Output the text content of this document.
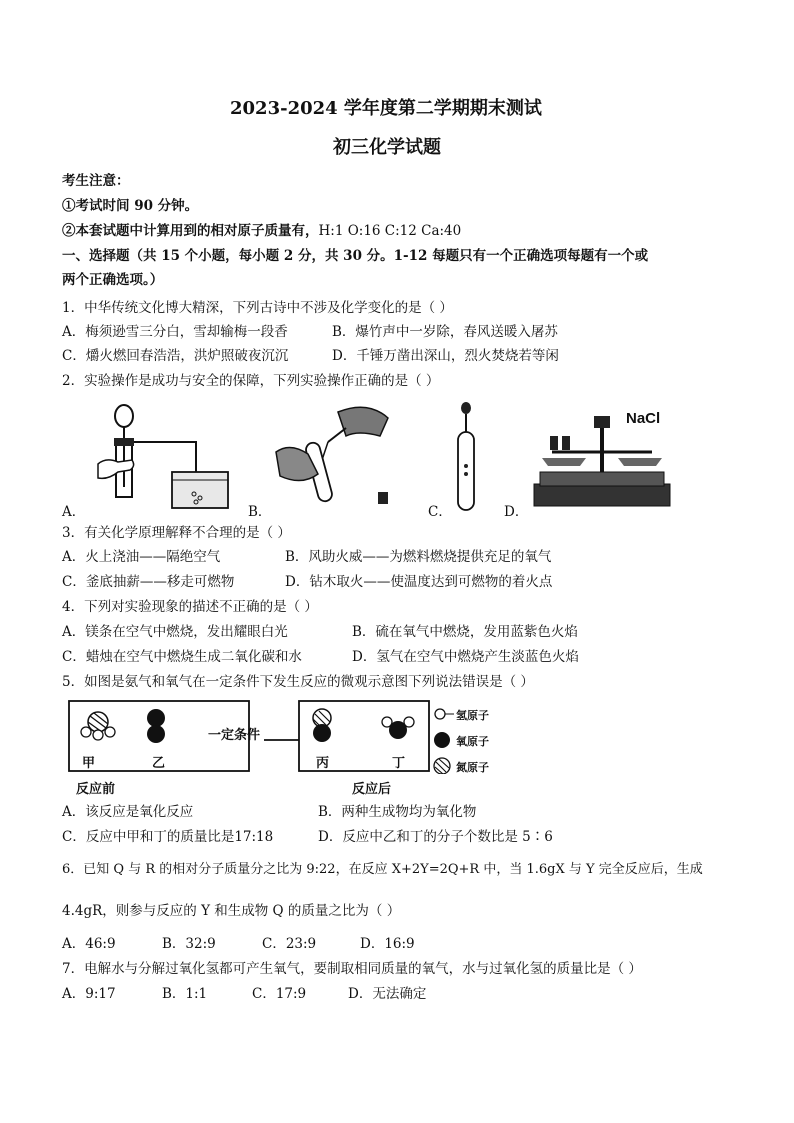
2023-2024 学年度第二学期期末测试
初三化学试题
考生注意：
①考试时间 90 分钟。
②本套试题中计算用到的相对原子质量有，H:1 O:16 C:12 Ca:40
一、选择题（共 15 个小题，每小题 2 分，共 30 分。1-12 每题只有一个正确选项每题有一个或
两个正确选项。）
1．中华传统文化博大精深，下列古诗中不涉及化学变化的是（ ）
A．梅须逊雪三分白，雪却输梅一段香	B．爆竹声中一岁除，春风送暖入屠苏
C．爝火燃回春浩浩，洪炉照破夜沉沉	D．千锤万凿出深山，烈火焚烧若等闲
2．实验操作是成功与安全的保障，下列实验操作正确的是（ ）
A．	B．	C．
NaCl
D．
3．有关化学原理解释不合理的是（ ）
A．火上浇油——隔绝空气	B．风助火威——为燃料燃烧提供充足的氧气
C．釜底抽薪——移走可燃物	D．钻木取火——使温度达到可燃物的着火点
4．下列对实验现象的描述不正确的是（ ）
A．镁条在空气中燃烧，发出耀眼白光	B．硫在氧气中燃烧，发用蓝紫色火焰
C．蜡烛在空气中燃烧生成二氧化碳和水	D．氢气在空气中燃烧产生淡蓝色火焰
5．如图是氨气和氧气在一定条件下发生反应的微观示意图下列说法错误是（ ）
甲	乙
一定条件
丙	丁
反应前	反应后
氢原子
氧原子
氮原子
A．该反应是氧化反应	B．两种生成物均为氧化物
C．反应中甲和丁的质量比是17:18	D．反应中乙和丁的分子个数比是 5∶6
6．已知 Q 与 R 的相对分子质量分之比为 9:22，在反应 X+2Y=2Q+R 中，当 1.6gX 与 Y 完全反应后，生成
4.4gR，则参与反应的 Y 和生成物 Q 的质量之比为（ ）
A．46:9	B．32:9	C．23:9	D．16:9
7．电解水与分解过氧化氢都可产生氧气，要制取相同质量的氧气，水与过氧化氢的质量比是（ ）
A．9:17	B．1:1	C．17:9	D．无法确定
